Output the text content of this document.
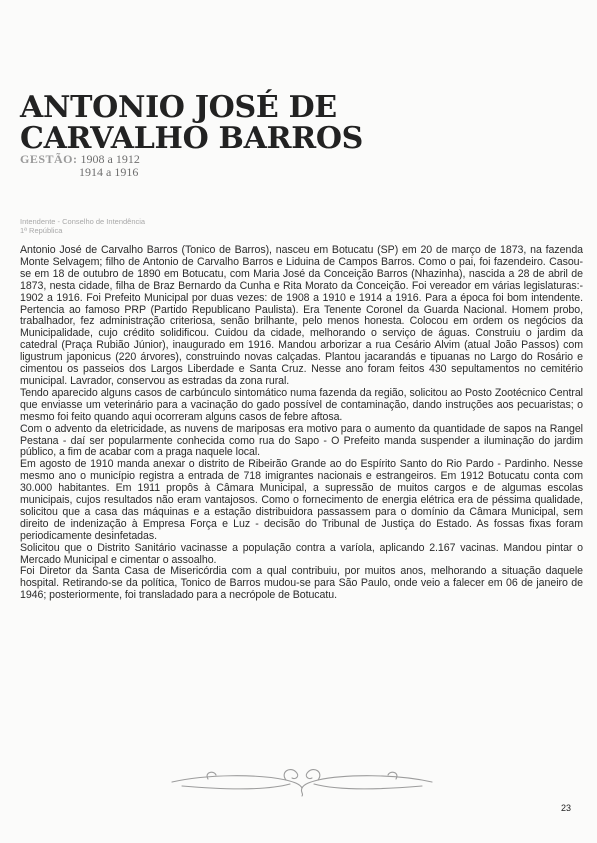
ANTONIO JOSÉ DE
CARVALHO BARROS
GESTÃO: 1908 a 1912
1914 a 1916
Intendente - Conselho de Intendência
1ª República

Antonio José de Carvalho Barros (Tonico de Barros), nasceu em Botucatu (SP) em 20 de março de 1873, na fazenda Monte Selvagem; filho de Antonio de Carvalho Barros e Liduina de Campos Barros. Como o pai, foi fazendeiro. Casou-se em 18 de outubro de 1890 em Botucatu, com Maria José da Conceição Barros (Nhazinha), nascida a 28 de abril de 1873, nesta cidade, filha de Braz Bernardo da Cunha e Rita Morato da Conceição. Foi vereador em várias legislaturas:- 1902 a 1916. Foi Prefeito Municipal por duas vezes: de 1908 a 1910 e 1914 a 1916. Para a época foi bom intendente. Pertencia ao famoso PRP (Partido Republicano Paulista). Era Tenente Coronel da Guarda Nacional. Homem probo, trabalhador, fez administração criteriosa, senão brilhante, pelo menos honesta. Colocou em ordem os negócios da Municipalidade, cujo crédito solidificou. Cuidou da cidade, melhorando o serviço de águas. Construiu o jardim da catedral (Praça Rubião Júnior), inaugurado em 1916. Mandou arborizar a rua Cesário Alvim (atual João Passos) com ligustrum japonicus (220 árvores), construindo novas calçadas. Plantou jacarandás e tipuanas no Largo do Rosário e cimentou os passeios dos Largos Liberdade e Santa Cruz. Nesse ano foram feitos 430 sepultamentos no cemitério municipal. Lavrador, conservou as estradas da zona rural.

Tendo aparecido alguns casos de carbúnculo sintomático numa fazenda da região, solicitou ao Posto Zootécnico Central que enviasse um veterinário para a vacinação do gado possível de contaminação, dando instruções aos pecuaristas; o mesmo foi feito quando aqui ocorreram alguns casos de febre aftosa.

Com o advento da eletricidade, as nuvens de mariposas era motivo para o aumento da quantidade de sapos na Rangel Pestana - daí ser popularmente conhecida como rua do Sapo - O Prefeito manda suspender a iluminação do jardim público, a fim de acabar com a praga naquele local.

Em agosto de 1910 manda anexar o distrito de Ribeirão Grande ao do Espírito Santo do Rio Pardo - Pardinho. Nesse mesmo ano o município registra a entrada de 718 imigrantes nacionais e estrangeiros. Em 1912 Botucatu conta com 30.000 habitantes. Em 1911 propôs à Câmara Municipal, a supressão de muitos cargos e de algumas escolas municipais, cujos resultados não eram vantajosos. Como o fornecimento de energia elétrica era de péssima qualidade, solicitou que a casa das máquinas e a estação distribuidora passassem para o domínio da Câmara Municipal, sem direito de indenização à Empresa Força e Luz - decisão do Tribunal de Justiça do Estado. As fossas fixas foram periodicamente desinfetadas.

Solicitou que o Distrito Sanitário vacinasse a população contra a varíola, aplicando 2.167 vacinas. Mandou pintar o Mercado Municipal e cimentar o assoalho.

Foi Diretor da Santa Casa de Misericórdia com a qual contribuiu, por muitos anos, melhorando a situação daquele hospital. Retirando-se da política, Tonico de Barros mudou-se para São Paulo, onde veio a falecer em 06 de janeiro de 1946; posteriormente, foi transladado para a necrópole de Botucatu.

23
